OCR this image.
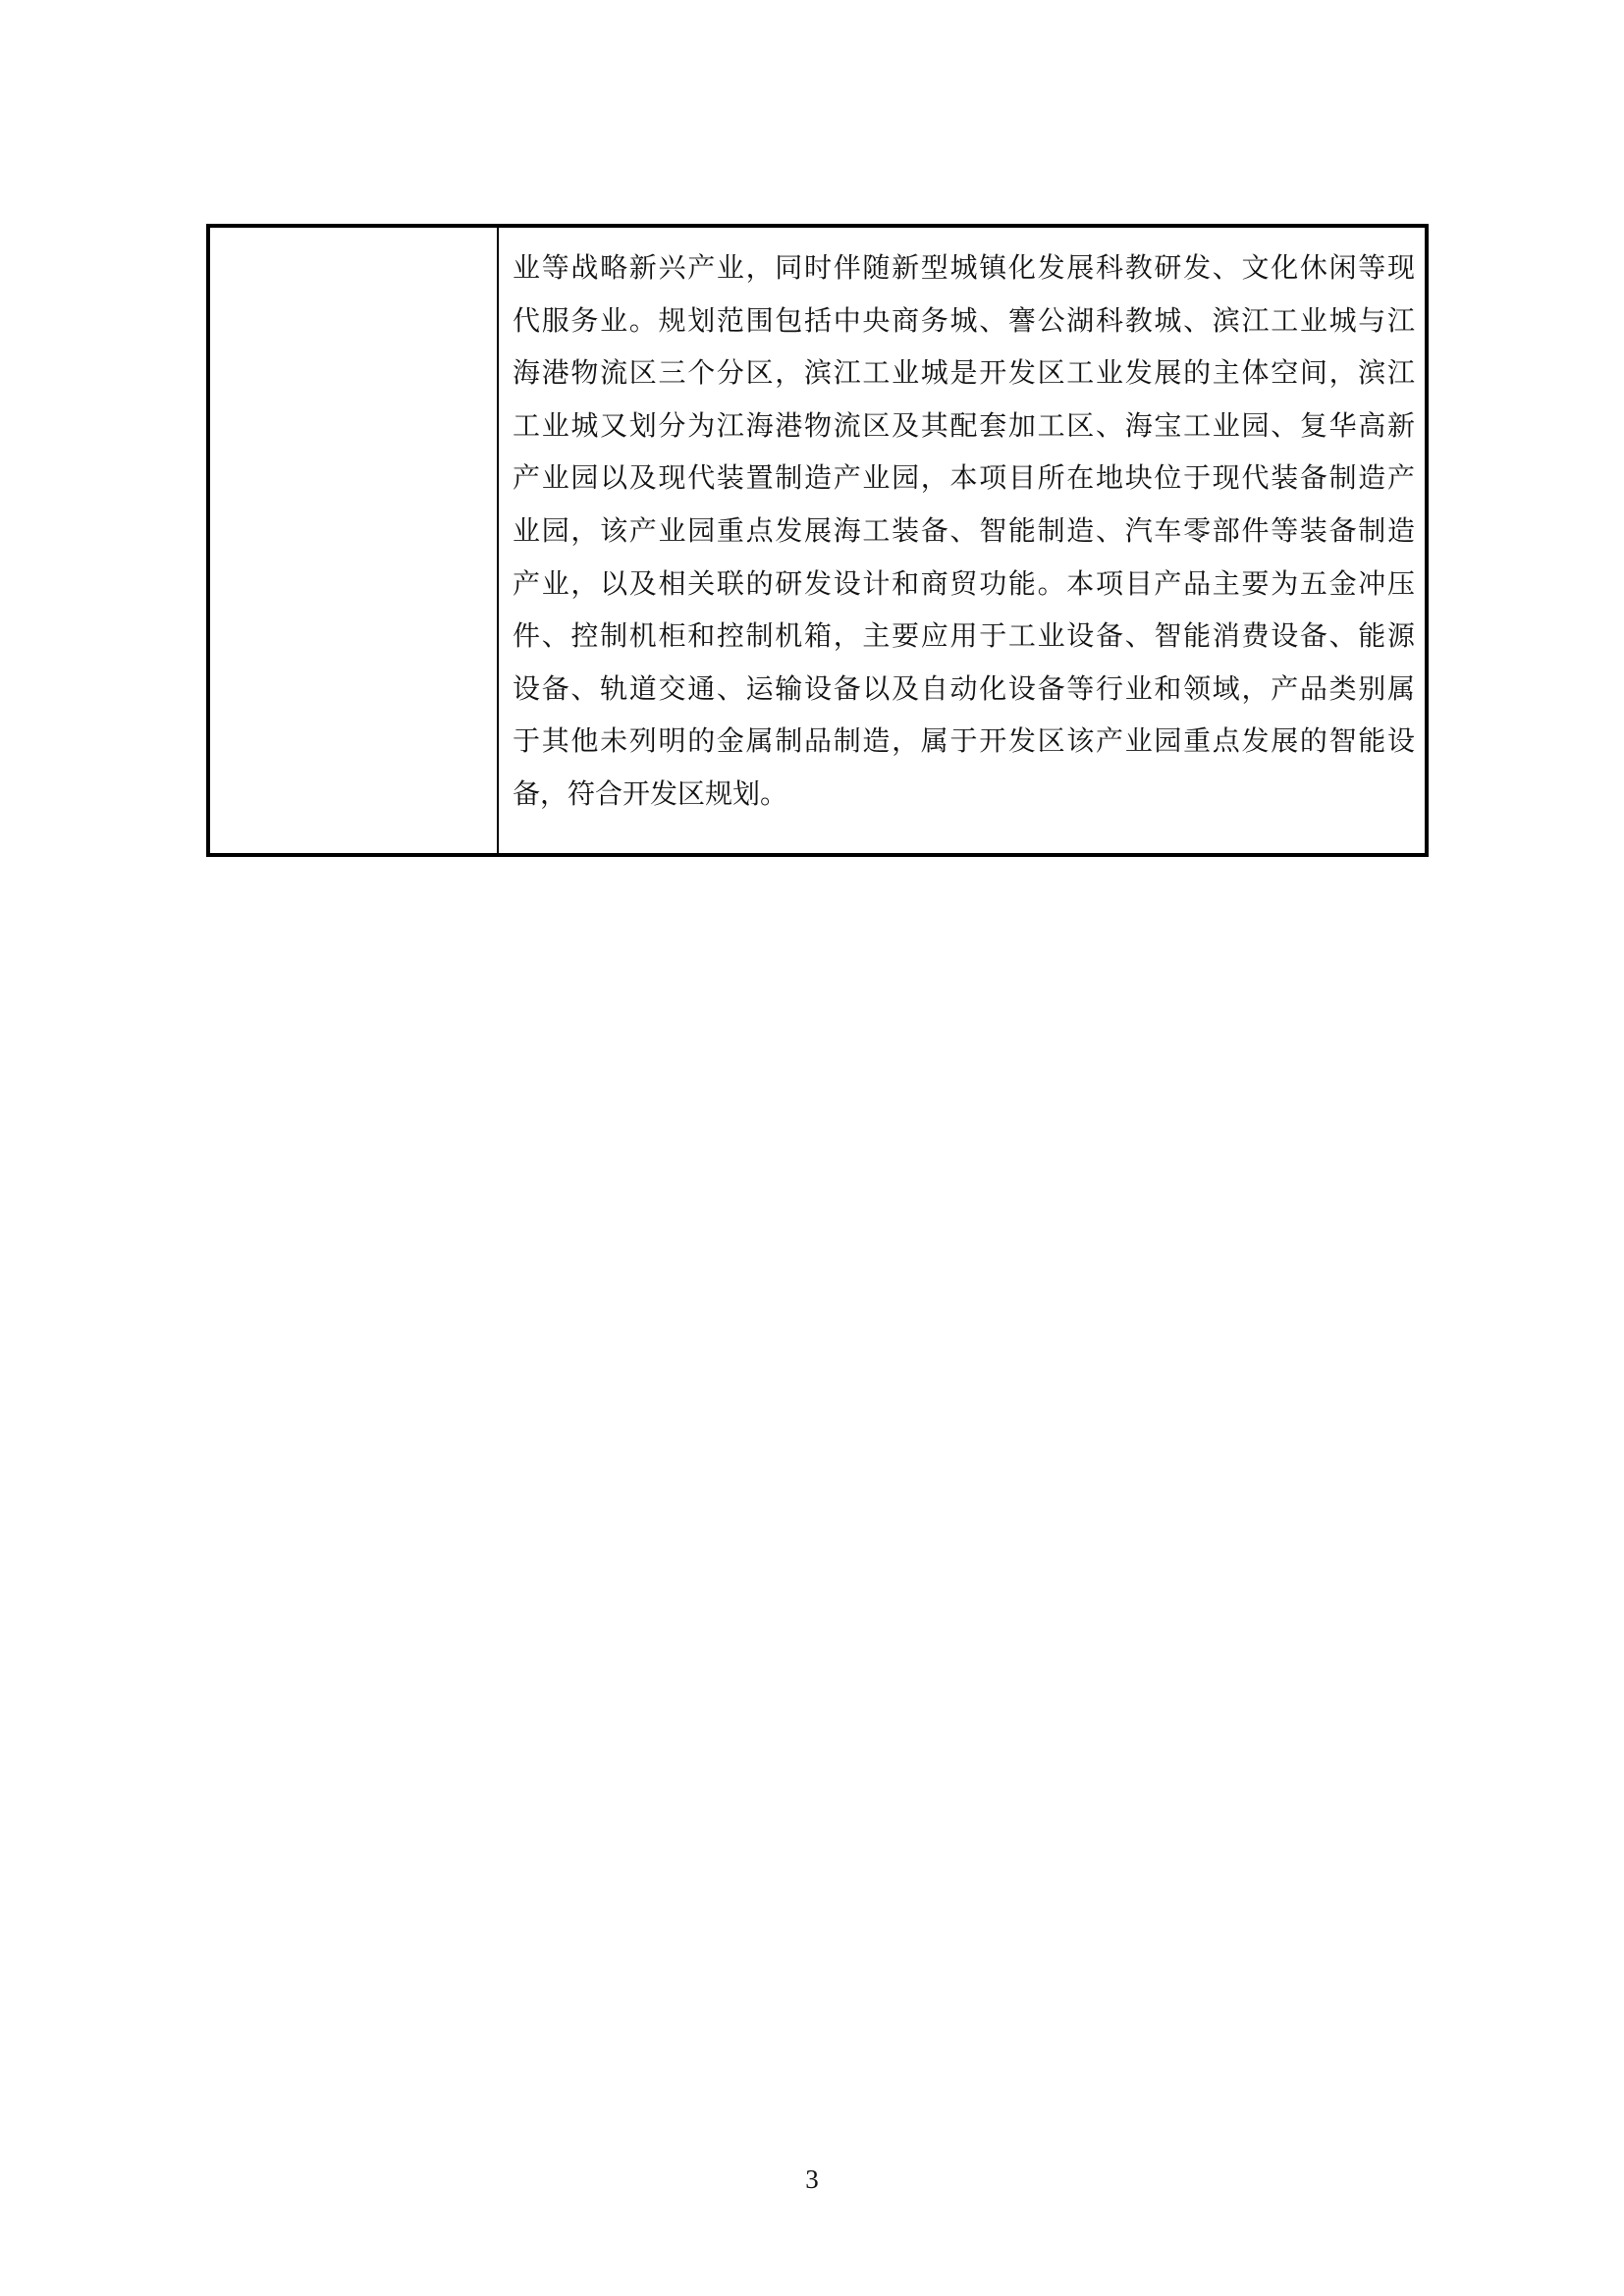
业等战略新兴产业，同时伴随新型城镇化发展科教研发、文化休闲等现
代服务业。规划范围包括中央商务城、謇公湖科教城、滨江工业城与江
海港物流区三个分区，滨江工业城是开发区工业发展的主体空间，滨江
工业城又划分为江海港物流区及其配套加工区、海宝工业园、复华高新
产业园以及现代装置制造产业园，本项目所在地块位于现代装备制造产
业园，该产业园重点发展海工装备、智能制造、汽车零部件等装备制造
产业，以及相关联的研发设计和商贸功能。本项目产品主要为五金冲压
件、控制机柜和控制机箱，主要应用于工业设备、智能消费设备、能源
设备、轨道交通、运输设备以及自动化设备等行业和领域，产品类别属
于其他未列明的金属制品制造，属于开发区该产业园重点发展的智能设
备，符合开发区规划。
3
